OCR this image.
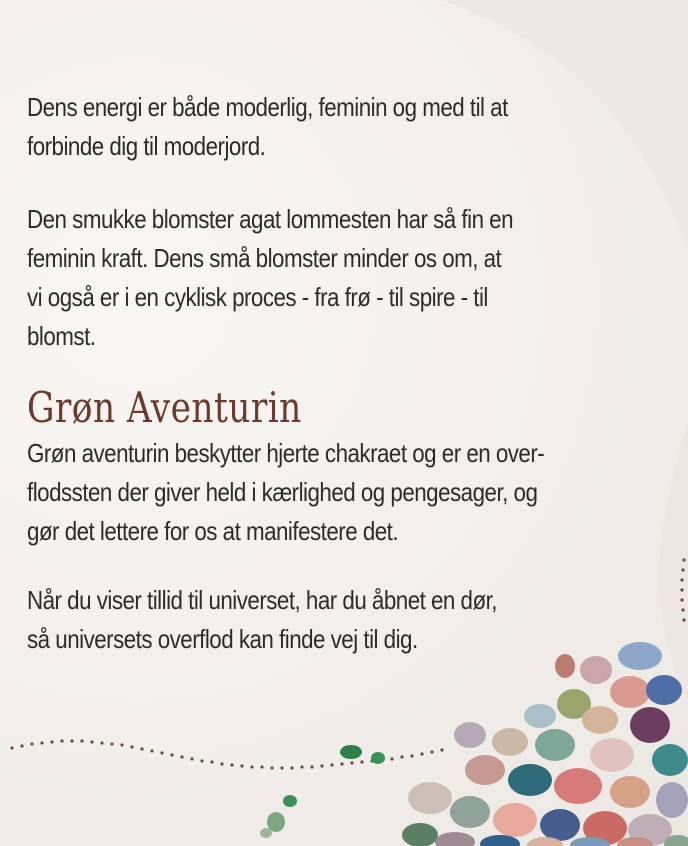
Dens energi er både moderlig, feminin og med til at
forbinde dig til moderjord.

Den smukke blomster agat lommesten har så fin en
feminin kraft. Dens små blomster minder os om, at
vi også er i en cyklisk proces - fra frø - til spire - til
blomst.

Grøn Aventurin

Grøn aventurin beskytter hjerte chakraet og er en over-
flodssten der giver held i kærlighed og pengesager, og
gør det lettere for os at manifestere det.

Når du viser tillid til universet, har du åbnet en dør,
så universets overflod kan finde vej til dig.
